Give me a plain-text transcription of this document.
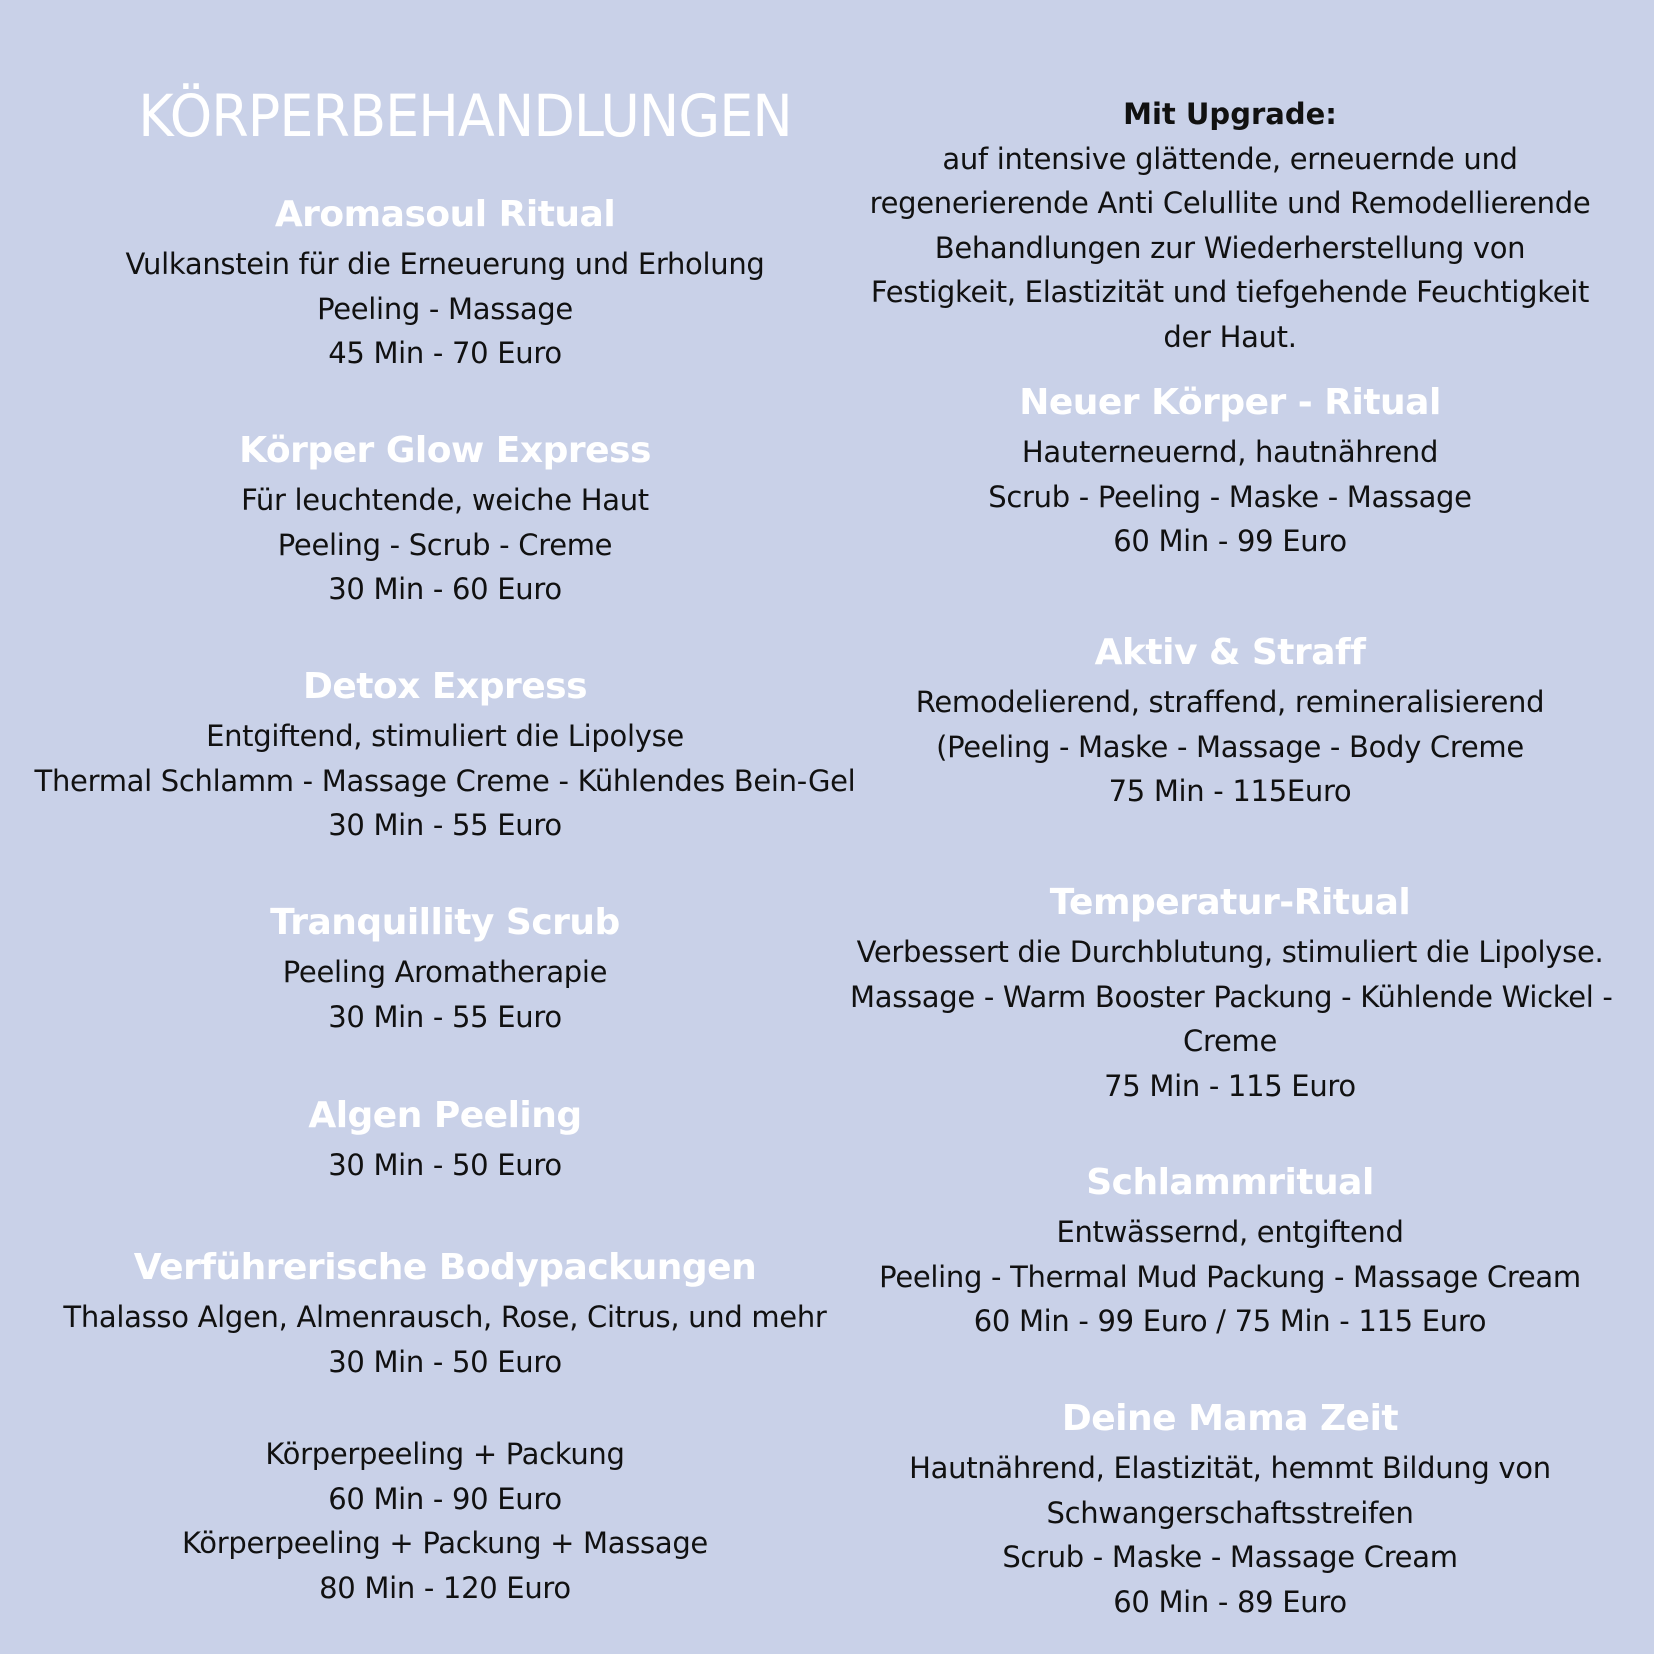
KÖRPERBEHANDLUNGEN
Aromasoul Ritual
Vulkanstein für die Erneuerung und Erholung
Peeling - Massage
45 Min - 70 Euro
Körper Glow Express
Für leuchtende, weiche Haut
Peeling - Scrub - Creme
30 Min - 60 Euro
Detox Express
Entgiftend, stimuliert die Lipolyse
Thermal Schlamm - Massage Creme - Kühlendes Bein-Gel
30 Min - 55 Euro
Tranquillity Scrub
Peeling Aromatherapie
30 Min - 55 Euro
Algen Peeling
30 Min - 50 Euro
Verführerische Bodypackungen
Thalasso Algen, Almenrausch, Rose, Citrus, und mehr
30 Min - 50 Euro
Körperpeeling + Packung
60 Min - 90 Euro
Körperpeeling + Packung + Massage
80 Min - 120 Euro
Mit Upgrade:
auf intensive glättende, erneuernde und
regenerierende Anti Celullite und Remodellierende
Behandlungen zur Wiederherstellung von
Festigkeit, Elastizität und tiefgehende Feuchtigkeit
der Haut.
Neuer Körper - Ritual
Hauterneuernd, hautnährend
Scrub - Peeling - Maske - Massage
60 Min - 99 Euro
Aktiv & Straff
Remodelierend, straffend, remineralisierend
(Peeling - Maske - Massage - Body Creme
75 Min - 115Euro
Temperatur-Ritual
Verbessert die Durchblutung, stimuliert die Lipolyse.
Massage - Warm Booster Packung - Kühlende Wickel -
Creme
75 Min - 115 Euro
Schlammritual
Entwässernd, entgiftend
Peeling - Thermal Mud Packung - Massage Cream
60 Min - 99 Euro / 75 Min - 115 Euro
Deine Mama Zeit
Hautnährend, Elastizität, hemmt Bildung von
Schwangerschaftsstreifen
Scrub - Maske - Massage Cream
60 Min - 89 Euro
